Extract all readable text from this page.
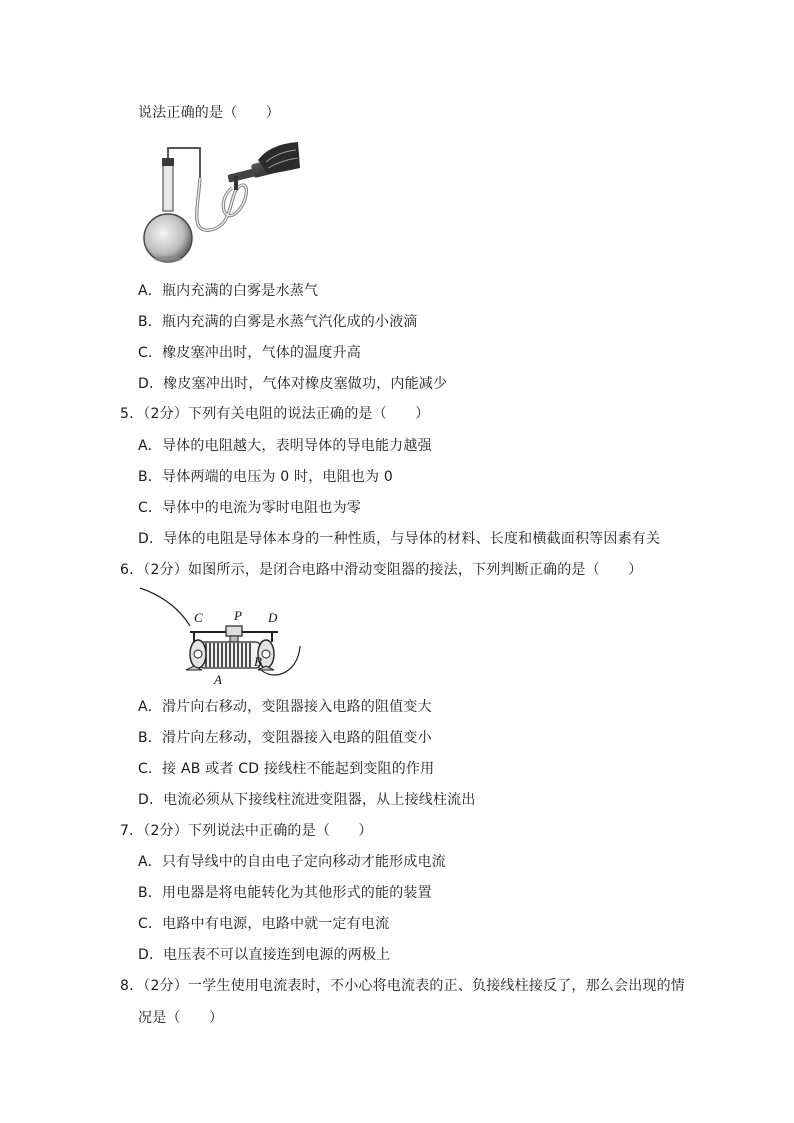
说法正确的是（　　）
A．瓶内充满的白雾是水蒸气
B．瓶内充满的白雾是水蒸气汽化成的小液滴
C．橡皮塞冲出时，气体的温度升高
D．橡皮塞冲出时，气体对橡皮塞做功，内能减少
5．（2分）下列有关电阻的说法正确的是（　　）
A．导体的电阻越大，表明导体的导电能力越强
B．导体两端的电压为 0 时，电阻也为 0
C．导体中的电流为零时电阻也为零
D．导体的电阻是导体本身的一种性质，与导体的材料、长度和横截面积等因素有关
6．（2分）如图所示，是闭合电路中滑动变阻器的接法，下列判断正确的是（　　）
C P D
A
B
A．滑片向右移动，变阻器接入电路的阻值变大
B．滑片向左移动，变阻器接入电路的阻值变小
C．接 AB 或者 CD 接线柱不能起到变阻的作用
D．电流必须从下接线柱流进变阻器，从上接线柱流出
7．（2分）下列说法中正确的是（　　）
A．只有导线中的自由电子定向移动才能形成电流
B．用电器是将电能转化为其他形式的能的装置
C．电路中有电源，电路中就一定有电流
D．电压表不可以直接连到电源的两极上
8．（2分）一学生使用电流表时，不小心将电流表的正、负接线柱接反了，那么会出现的情
况是（　　）
